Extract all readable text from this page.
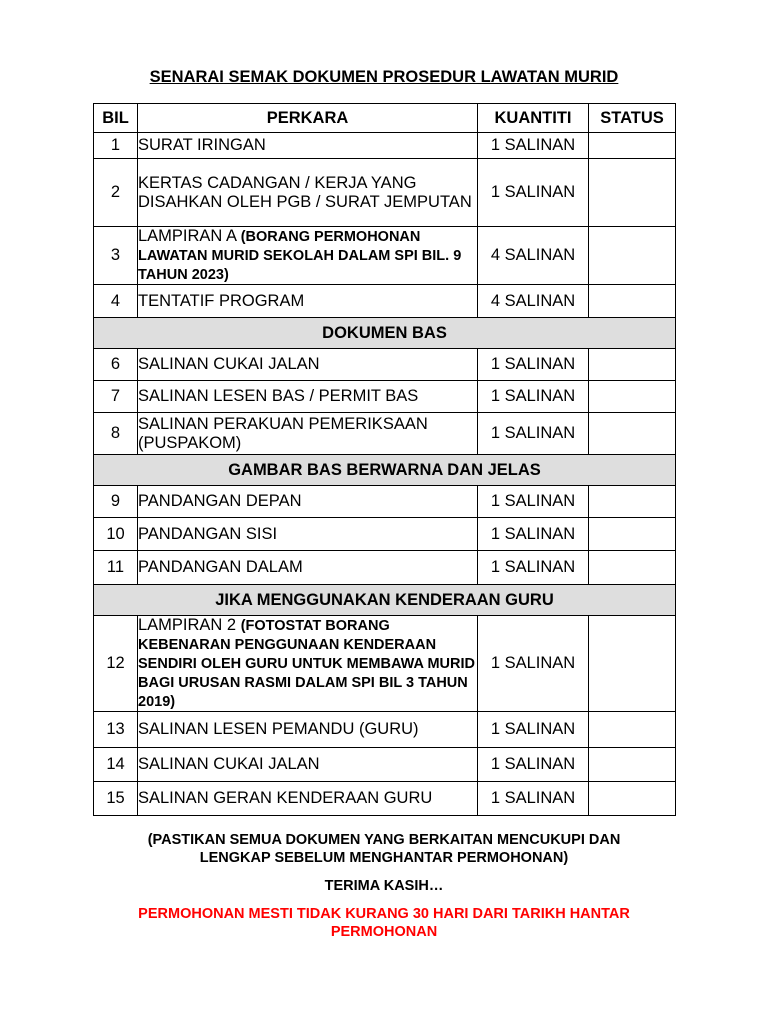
SENARAI SEMAK DOKUMEN PROSEDUR LAWATAN MURID
BIL	PERKARA	KUANTITI	STATUS
1	SURAT IRINGAN	1 SALINAN	
2	KERTAS CADANGAN / KERJA YANG DISAHKAN OLEH PGB / SURAT JEMPUTAN	1 SALINAN	
3	LAMPIRAN A (BORANG PERMOHONAN LAWATAN MURID SEKOLAH DALAM SPI BIL. 9 TAHUN 2023)	4 SALINAN	
4	TENTATIF PROGRAM	4 SALINAN	
DOKUMEN BAS			
6	SALINAN CUKAI JALAN	1 SALINAN	
7	SALINAN LESEN BAS / PERMIT BAS	1 SALINAN	
8	SALINAN PERAKUAN PEMERIKSAAN (PUSPAKOM)	1 SALINAN	
GAMBAR BAS BERWARNA DAN JELAS			
9	PANDANGAN DEPAN	1 SALINAN	
10	PANDANGAN SISI	1 SALINAN	
11	PANDANGAN DALAM	1 SALINAN	
JIKA MENGGUNAKAN KENDERAAN GURU			
12	LAMPIRAN 2 (FOTOSTAT BORANG KEBENARAN PENGGUNAAN KENDERAAN SENDIRI OLEH GURU UNTUK MEMBAWA MURID BAGI URUSAN RASMI DALAM SPI BIL 3 TAHUN 2019)	1 SALINAN	
13	SALINAN LESEN PEMANDU (GURU)	1 SALINAN	
14	SALINAN CUKAI JALAN	1 SALINAN	
15	SALINAN GERAN KENDERAAN GURU	1 SALINAN	
(PASTIKAN SEMUA DOKUMEN YANG BERKAITAN MENCUKUPI DAN LENGKAP SEBELUM MENGHANTAR PERMOHONAN)
TERIMA KASIH…
PERMOHONAN MESTI TIDAK KURANG 30 HARI DARI TARIKH HANTAR PERMOHONAN
